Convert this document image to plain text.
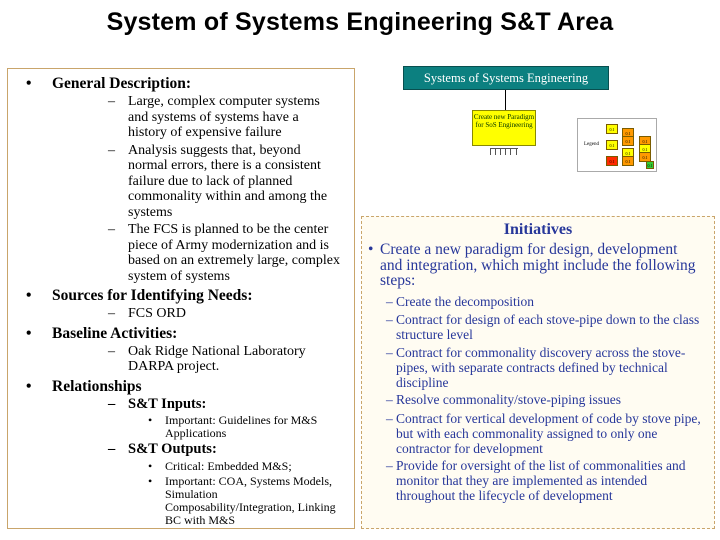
System of Systems Engineering S&T Area
• General Description:
– Large, complex computer systems and systems of systems have a history of expensive failure
– Analysis suggests that, beyond normal errors, there is a consistent failure due to lack of planned commonality within and among the systems
– The FCS is planned to be the center piece of Army modernization and is based on an extremely large, complex system of systems
• Sources for Identifying Needs:
– FCS ORD
• Baseline Activities:
– Oak Ridge National Laboratory DARPA project.
• Relationships
– S&T Inputs:
• Important: Guidelines for M&S Applications
– S&T Outputs:
• Critical: Embedded M&S;
• Important: COA, Systems Models, Simulation Composability/Integration, Linking BC with M&S
Systems of Systems Engineering
Create new Paradigm for SoS Engineering
Legend
0.1
0.1
0.1
0.1
0.1
0.1
0.1
0.1
0.1
0.1
0.1
Initiatives
• Create a new paradigm for design, development and integration, which might include the following steps:
– Create the decomposition
– Contract for design of each stove-pipe down to the class structure level
– Contract for commonality discovery across the stove-pipes, with separate contracts defined by technical discipline
– Resolve commonality/stove-piping issues
– Contract for vertical development of code by stove pipe, but with each commonality assigned to only one contractor for development
– Provide for oversight of the list of commonalities and monitor that they are implemented as intended throughout the lifecycle of development
